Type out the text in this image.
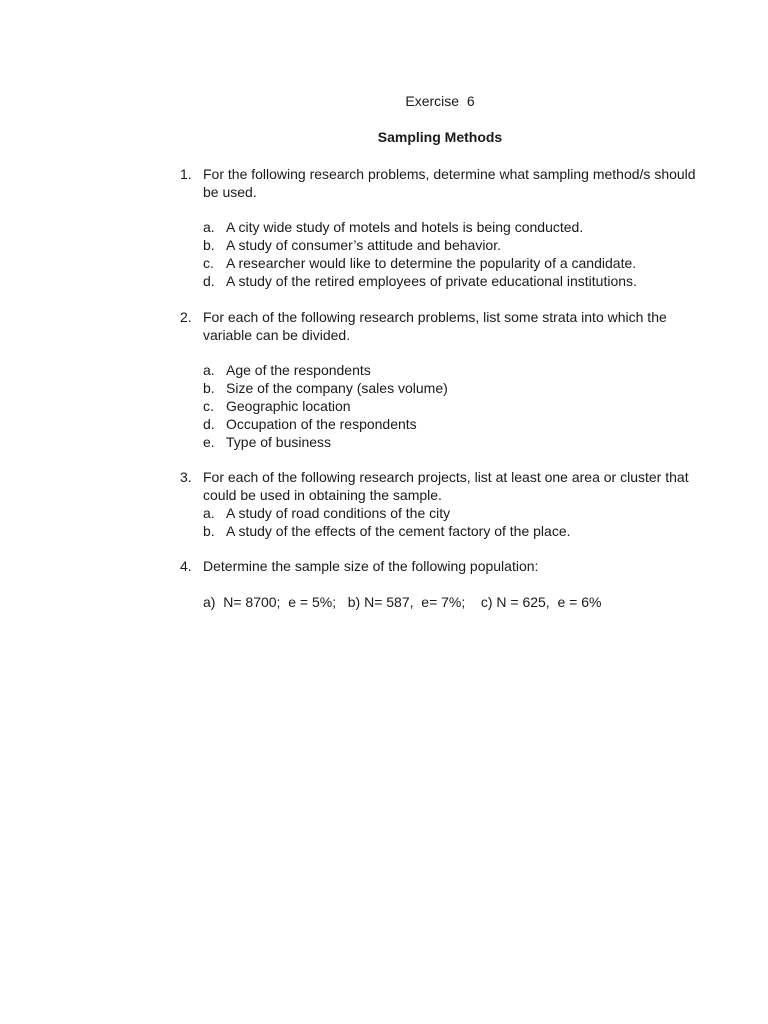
Exercise  6
Sampling Methods
1. For the following research problems, determine what sampling method/s should be used.
a. A city wide study of motels and hotels is being conducted.
b. A study of consumer’s attitude and behavior.
c. A researcher would like to determine the popularity of a candidate.
d. A study of the retired employees of private educational institutions.
2. For each of the following research problems, list some strata into which the variable can be divided.
a. Age of the respondents
b. Size of the company (sales volume)
c. Geographic location
d. Occupation of the respondents
e. Type of business
3. For each of the following research projects, list at least one area or cluster that could be used in obtaining the sample.
a. A study of road conditions of the city
b. A study of the effects of the cement factory of the place.
4. Determine the sample size of the following population:
a)  N= 8700;  e = 5%;   b) N= 587,  e= 7%;    c) N = 625,  e = 6%
